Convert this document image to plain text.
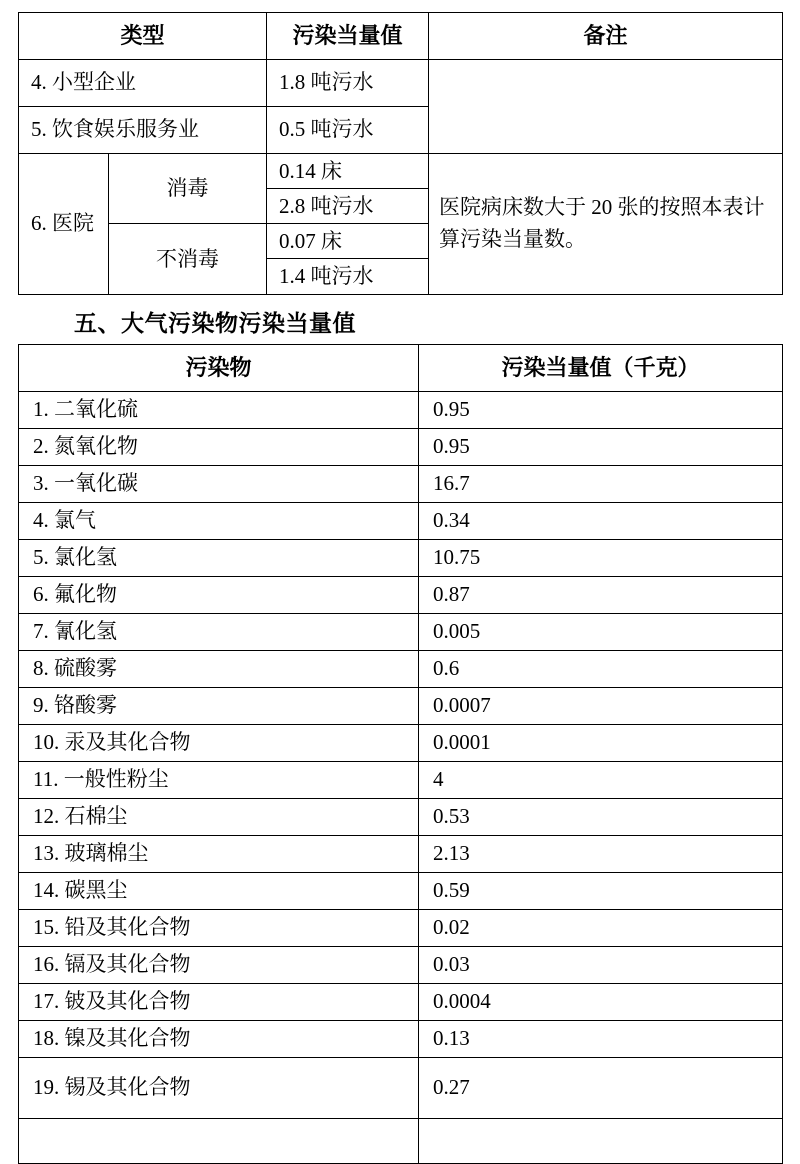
类型		污染当量值	备注
4. 小型企业		1.8 吨污水	
5. 饮食娱乐服务业		0.5 吨污水	
6. 医院	消毒	0.14 床	医院病床数大于 20 张的按照本表计算污染当量数。
		2.8 吨污水	
	不消毒	0.07 床	
		1.4 吨污水	
五、大气污染物污染当量值
污染物	污染当量值（千克）
1. 二氧化硫	0.95
2. 氮氧化物	0.95
3. 一氧化碳	16.7
4. 氯气	0.34
5. 氯化氢	10.75
6. 氟化物	0.87
7. 氰化氢	0.005
8. 硫酸雾	0.6
9. 铬酸雾	0.0007
10. 汞及其化合物	0.0001
11. 一般性粉尘	4
12. 石棉尘	0.53
13. 玻璃棉尘	2.13
14. 碳黑尘	0.59
15. 铅及其化合物	0.02
16. 镉及其化合物	0.03
17. 铍及其化合物	0.0004
18. 镍及其化合物	0.13
19. 锡及其化合物	0.27
